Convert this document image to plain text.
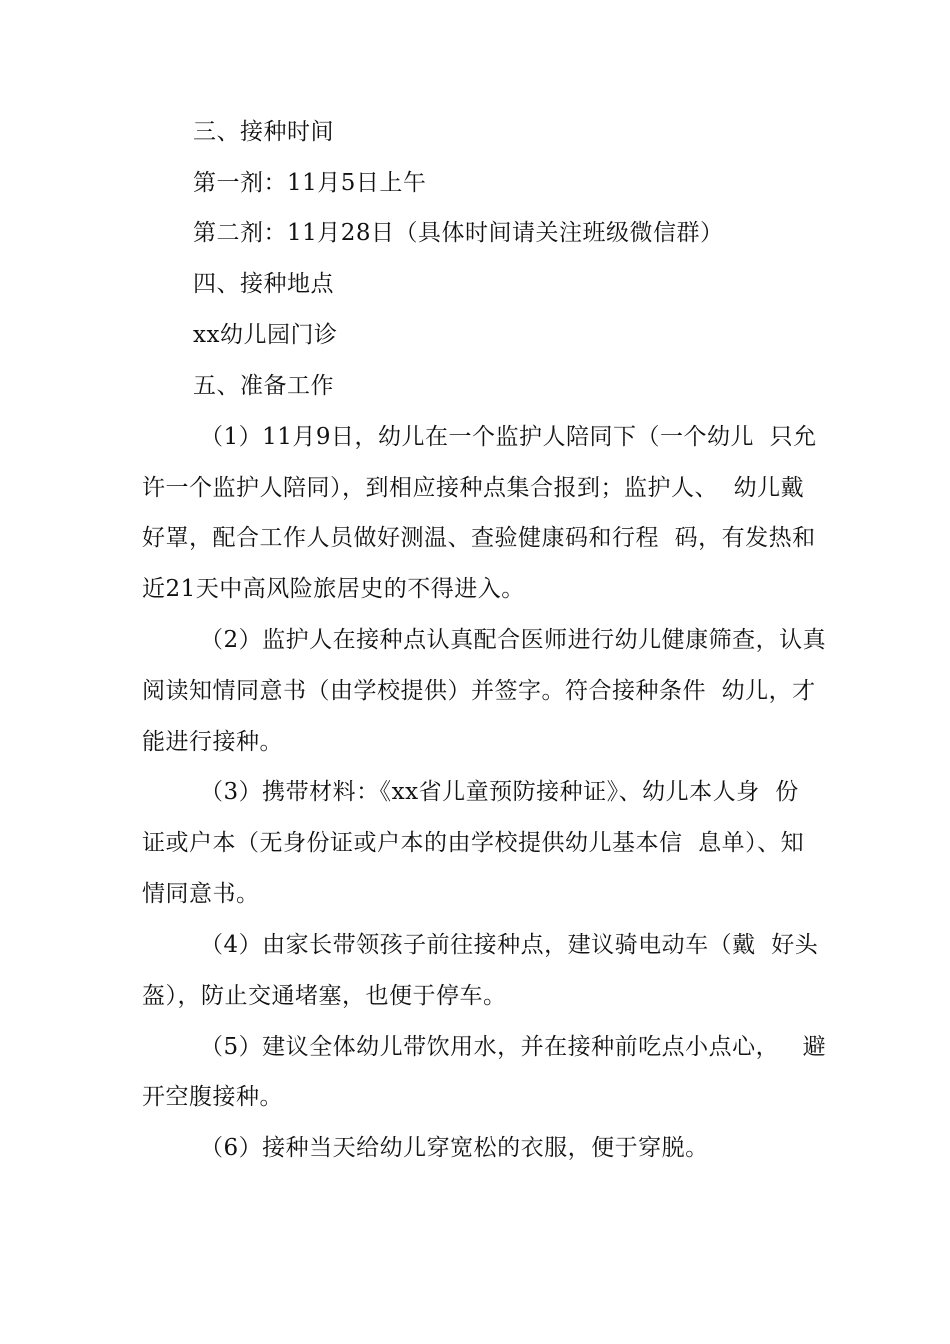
三、接种时间
第一剂：11月5日上午
第二剂：11月28日（具体时间请关注班级微信群）
四、接种地点
xx幼儿园门诊
五、准备工作
（1）11月9日，幼儿在一个监护人陪同下（一个幼儿  只允
许一个监护人陪同），到相应接种点集合报到；监护人、  幼儿戴
好罩，配合工作人员做好测温、查验健康码和行程  码，有发热和
近21天中高风险旅居史的不得进入。
（2）监护人在接种点认真配合医师进行幼儿健康筛查，认真
阅读知情同意书（由学校提供）并签字。符合接种条件  幼儿，才
能进行接种。
（3）携带材料：《xx省儿童预防接种证》、幼儿本人身  份
证或户本（无身份证或户本的由学校提供幼儿基本信  息单）、知
情同意书。
（4）由家长带领孩子前往接种点，建议骑电动车（戴  好头
盔），防止交通堵塞，也便于停车。
（5）建议全体幼儿带饮用水，并在接种前吃点小点心，   避
开空腹接种。
（6）接种当天给幼儿穿宽松的衣服，便于穿脱。
